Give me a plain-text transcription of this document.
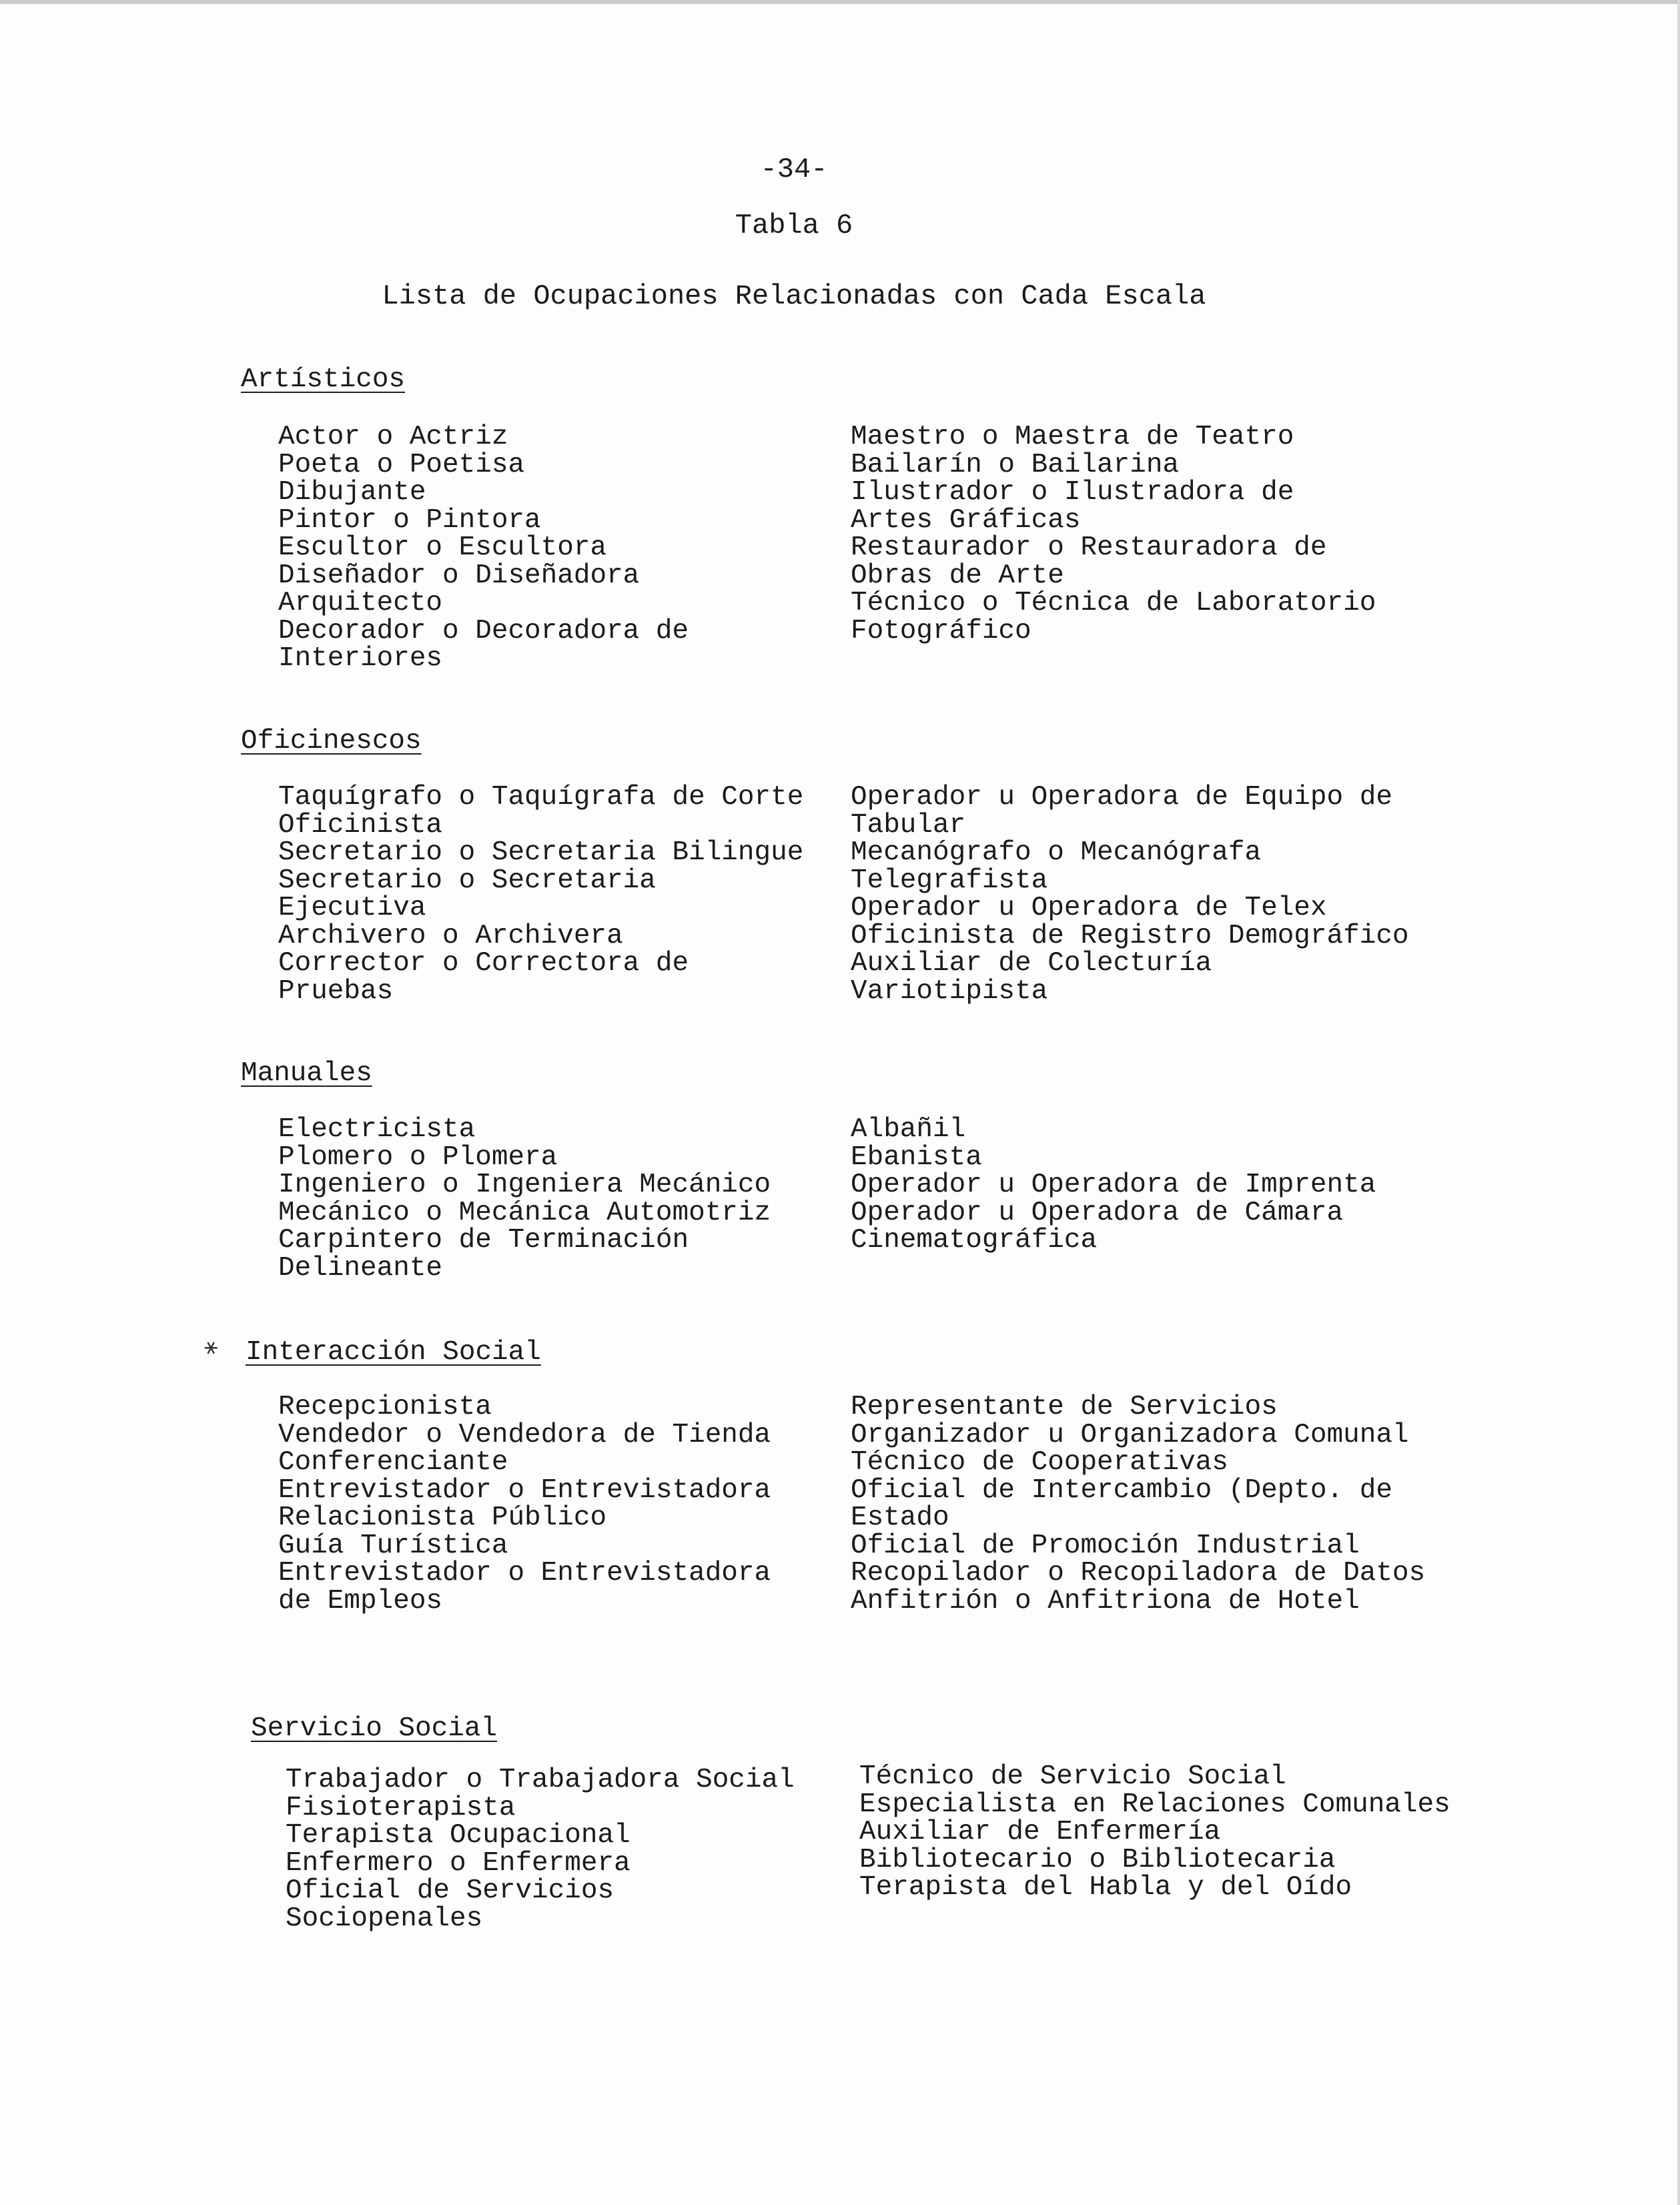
-34-
Tabla 6
Lista de Ocupaciones Relacionadas con Cada Escala
⚹
Artísticos
Actor o Actriz
Poeta o Poetisa
Dibujante
Pintor o Pintora
Escultor o Escultora
Diseñador o Diseñadora
Arquitecto
Decorador o Decoradora de
Interiores
Maestro o Maestra de Teatro
Bailarín o Bailarina
Ilustrador o Ilustradora de
Artes Gráficas
Restaurador o Restauradora de
Obras de Arte
Técnico o Técnica de Laboratorio
Fotográfico
Oficinescos
Taquígrafo o Taquígrafa de Corte
Oficinista
Secretario o Secretaria Bilingue
Secretario o Secretaria
Ejecutiva
Archivero o Archivera
Corrector o Correctora de
Pruebas
Operador u Operadora de Equipo de
Tabular
Mecanógrafo o Mecanógrafa
Telegrafista
Operador u Operadora de Telex
Oficinista de Registro Demográfico
Auxiliar de Colecturía
Variotipista
Manuales
Electricista
Plomero o Plomera
Ingeniero o Ingeniera Mecánico
Mecánico o Mecánica Automotriz
Carpintero de Terminación
Delineante
Albañil
Ebanista
Operador u Operadora de Imprenta
Operador u Operadora de Cámara
Cinematográfica
Interacción Social
Recepcionista
Vendedor o Vendedora de Tienda
Conferenciante
Entrevistador o Entrevistadora
Relacionista Público
Guía Turística
Entrevistador o Entrevistadora
de Empleos
Representante de Servicios
Organizador u Organizadora Comunal
Técnico de Cooperativas
Oficial de Intercambio (Depto. de
Estado
Oficial de Promoción Industrial
Recopilador o Recopiladora de Datos
Anfitrión o Anfitriona de Hotel
Servicio Social
Trabajador o Trabajadora Social
Fisioterapista
Terapista Ocupacional
Enfermero o Enfermera
Oficial de Servicios
Sociopenales
Técnico de Servicio Social
Especialista en Relaciones Comunales
Auxiliar de Enfermería
Bibliotecario o Bibliotecaria
Terapista del Habla y del Oído
